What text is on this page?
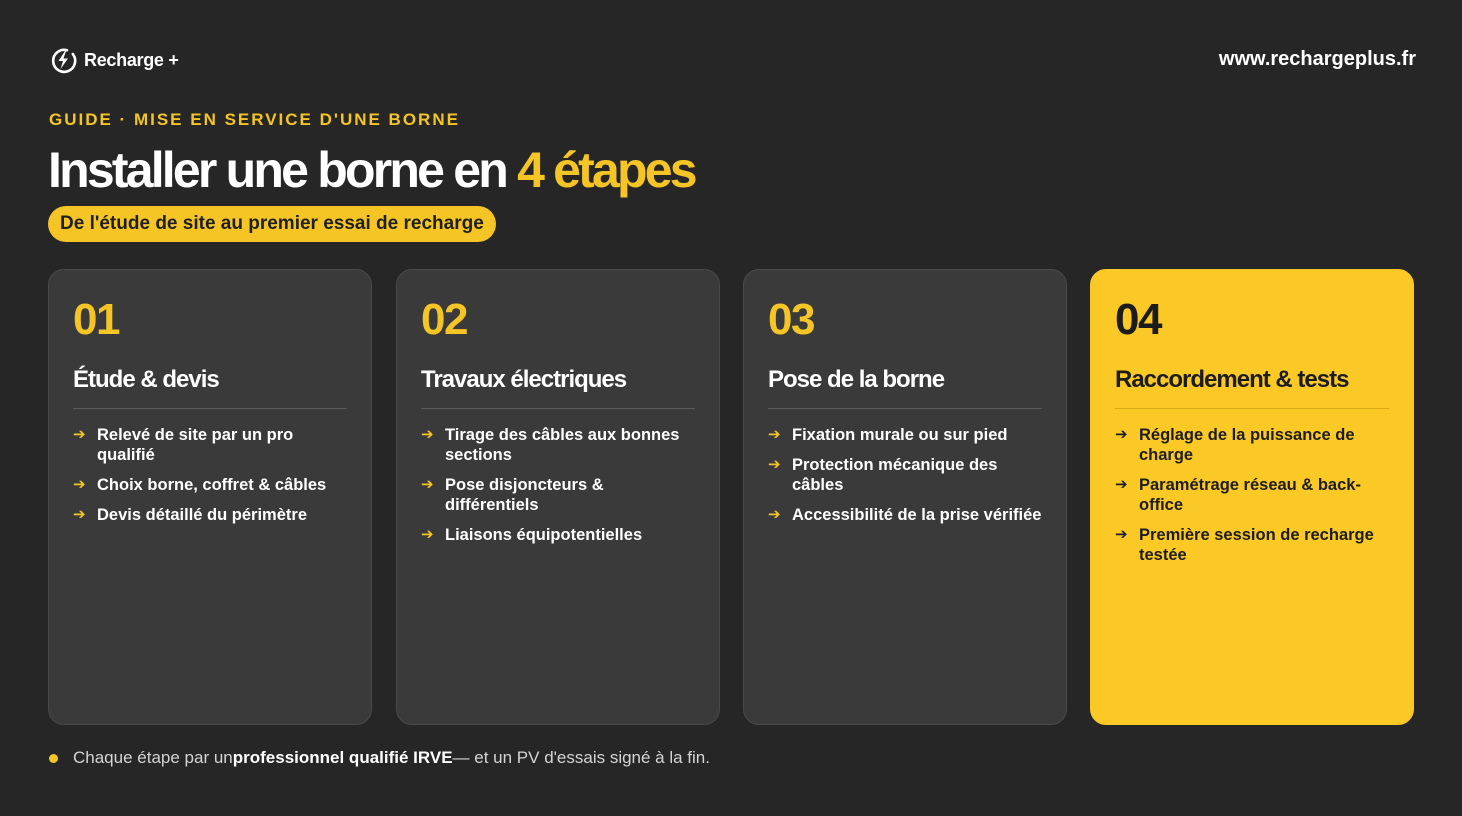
Recharge +	www.rechargeplus.fr
GUIDE · MISE EN SERVICE D'UNE BORNE
Installer une borne en 4 étapes
De l'étude de site au premier essai de recharge
01
Étude & devis
➔ Relevé de site par un pro qualifié
➔ Choix borne, coffret & câbles
➔ Devis détaillé du périmètre
02
Travaux électriques
➔ Tirage des câbles aux bonnes sections
➔ Pose disjoncteurs & différentiels
➔ Liaisons équipotentielles
03
Pose de la borne
➔ Fixation murale ou sur pied
➔ Protection mécanique des câbles
➔ Accessibilité de la prise vérifiée
04
Raccordement & tests
➔ Réglage de la puissance de charge
➔ Paramétrage réseau & back-office
➔ Première session de recharge testée
Chaque étape par un professionnel qualifié IRVE — et un PV d'essais signé à la fin.
